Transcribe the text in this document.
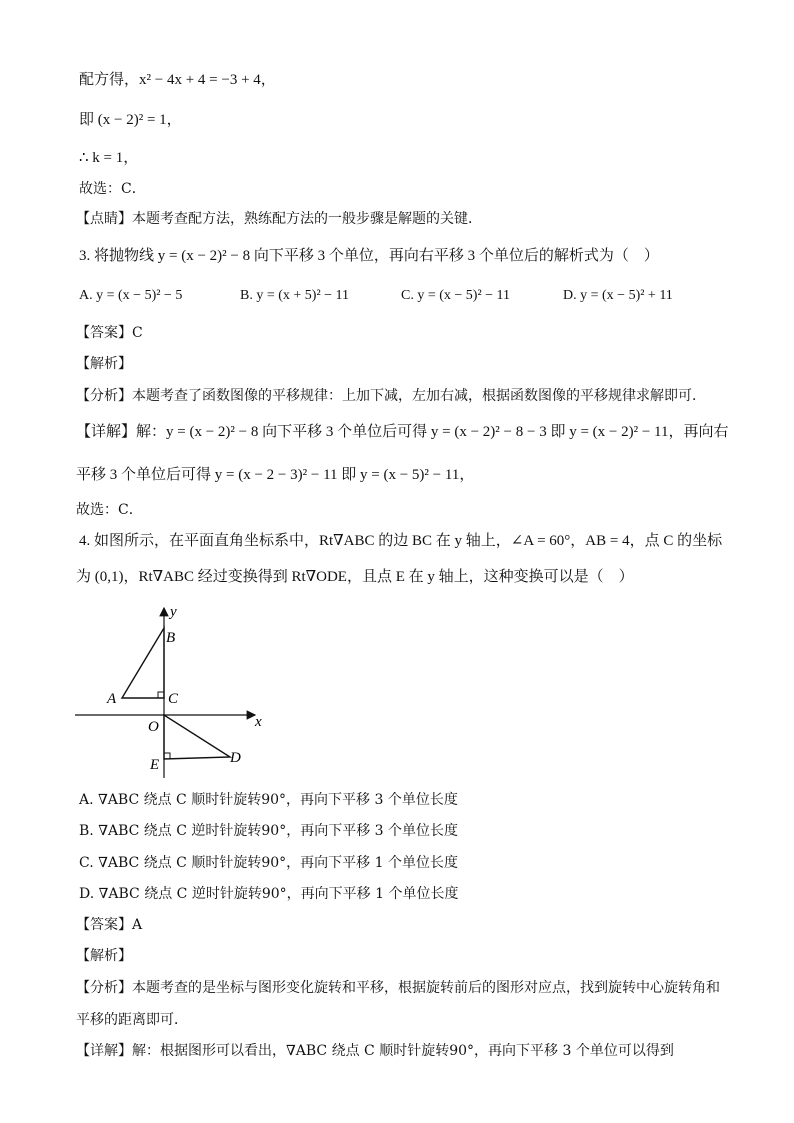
配方得，x² − 4x + 4 = −3 + 4，
即 (x − 2)² = 1，
∴ k = 1，
故选：C．
【点睛】本题考查配方法，熟练配方法的一般步骤是解题的关键．
3. 将抛物线 y = (x − 2)² − 8 向下平移 3 个单位，再向右平移 3 个单位后的解析式为（　）
A. y = (x − 5)² − 5	B. y = (x + 5)² − 11	C. y = (x − 5)² − 11	D. y = (x − 5)² + 11
【答案】C
【解析】
【分析】本题考查了函数图像的平移规律：上加下减，左加右减，根据函数图像的平移规律求解即可．
【详解】解：y = (x − 2)² − 8 向下平移 3 个单位后可得 y = (x − 2)² − 8 − 3 即 y = (x − 2)² − 11，再向右
平移 3 个单位后可得 y = (x − 2 − 3)² − 11 即 y = (x − 5)² − 11，
故选：C．
4. 如图所示，在平面直角坐标系中，Rt∇ABC 的边 BC 在 y 轴上，∠A = 60°，AB = 4，点 C 的坐标
为 (0,1)，Rt∇ABC 经过变换得到 Rt∇ODE，且点 E 在 y 轴上，这种变换可以是（　）
y
x
B
A	C
O
E	D
A. ∇ABC 绕点 C 顺时针旋转90°，再向下平移 3 个单位长度
B. ∇ABC 绕点 C 逆时针旋转90°，再向下平移 3 个单位长度
C. ∇ABC 绕点 C 顺时针旋转90°，再向下平移 1 个单位长度
D. ∇ABC 绕点 C 逆时针旋转90°，再向下平移 1 个单位长度
【答案】A
【解析】
【分析】本题考查的是坐标与图形变化旋转和平移，根据旋转前后的图形对应点，找到旋转中心旋转角和
平移的距离即可．
【详解】解：根据图形可以看出，∇ABC 绕点 C 顺时针旋转90°，再向下平移 3 个单位可以得到
